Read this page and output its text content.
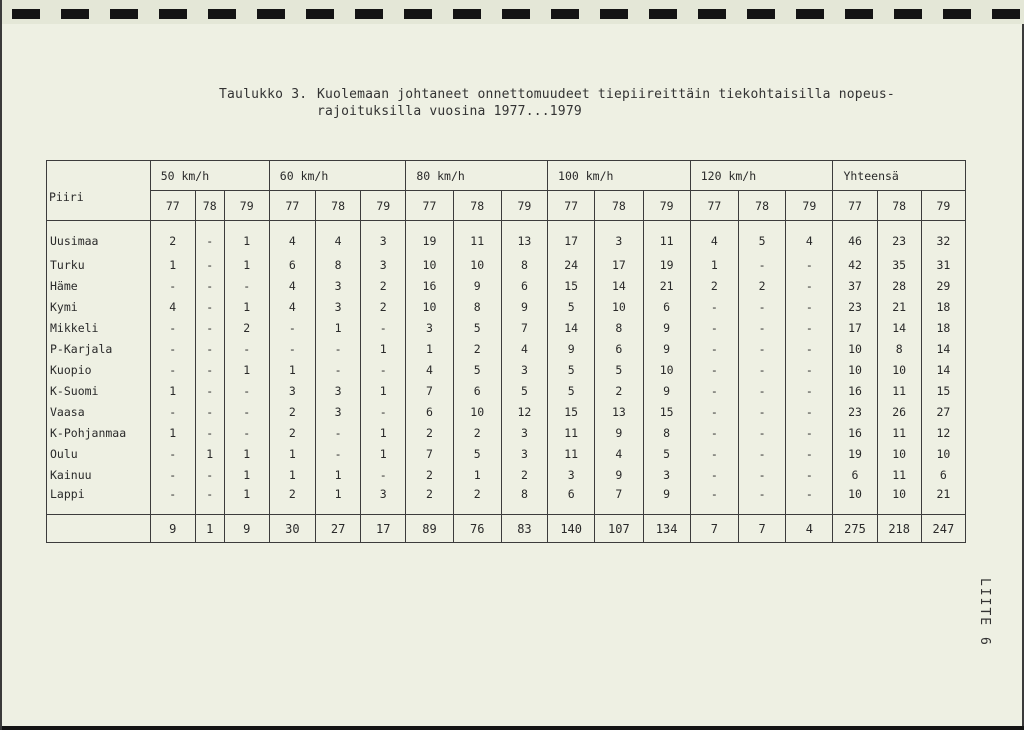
Taulukko 3. Kuolemaan johtaneet onnettomuudeet tiepiireittäin tiekohtaisilla nopeus-
rajoituksilla vuosina 1977...1979
Piiri	50 km/h			60 km/h			80 km/h			100 km/h			120 km/h			Yhteensä		
	77	78	79	77	78	79	77	78	79	77	78	79	77	78	79	77	78	79
Uusimaa	2	-	1	4	4	3	19	11	13	17	3	11	4	5	4	46	23	32
Turku	1	-	1	6	8	3	10	10	8	24	17	19	1	-	-	42	35	31
Häme	-	-	-	4	3	2	16	9	6	15	14	21	2	2	-	37	28	29
Kymi	4	-	1	4	3	2	10	8	9	5	10	6	-	-	-	23	21	18
Mikkeli	-	-	2	-	1	-	3	5	7	14	8	9	-	-	-	17	14	18
P-Karjala	-	-	-	-	-	1	1	2	4	9	6	9	-	-	-	10	8	14
Kuopio	-	-	1	1	-	-	4	5	3	5	5	10	-	-	-	10	10	14
K-Suomi	1	-	-	3	3	1	7	6	5	5	2	9	-	-	-	16	11	15
Vaasa	-	-	-	2	3	-	6	10	12	15	13	15	-	-	-	23	26	27
K-Pohjanmaa	1	-	-	2	-	1	2	2	3	11	9	8	-	-	-	16	11	12
Oulu	-	1	1	1	-	1	7	5	3	11	4	5	-	-	-	19	10	10
Kainuu	-	-	1	1	1	-	2	1	2	3	9	3	-	-	-	6	11	6
Lappi	-	-	1	2	1	3	2	2	8	6	7	9	-	-	-	10	10	21
	9	1	9	30	27	17	89	76	83	140	107	134	7	7	4	275	218	247
LIITE 6
